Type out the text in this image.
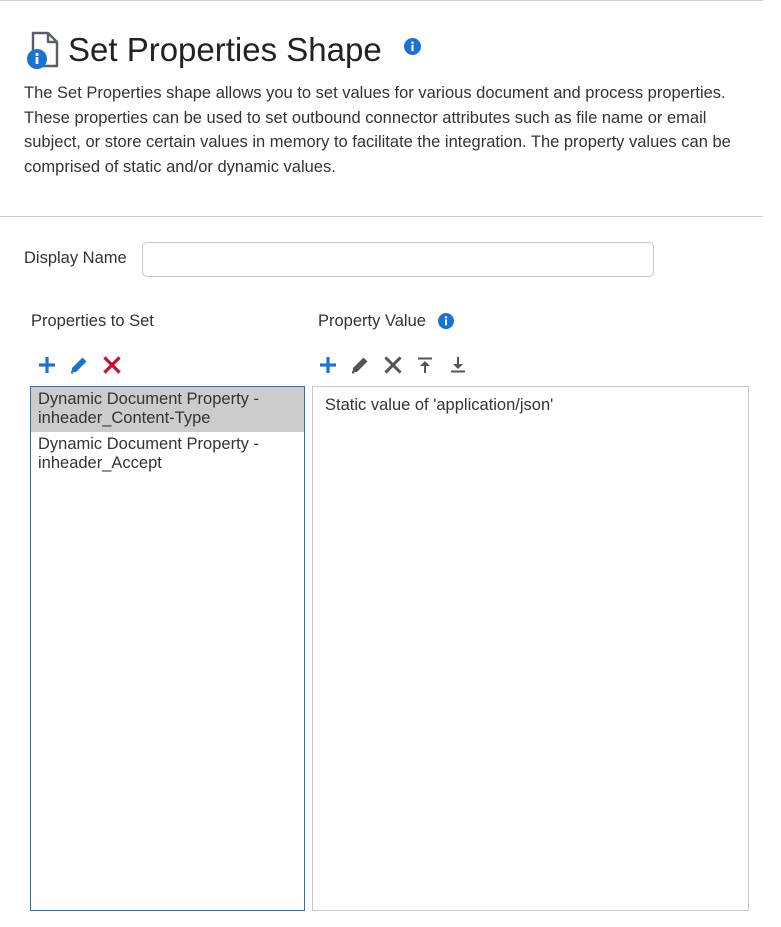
Set Properties Shape
The Set Properties shape allows you to set values for various document and process properties. These properties can be used to set outbound connector attributes such as file name or email subject, or store certain values in memory to facilitate the integration. The property values can be comprised of static and/or dynamic values.
Display Name
Properties to Set	Property Value
Dynamic Document Property -
inheader_Content-Type
Dynamic Document Property -
inheader_Accept
Static value of 'application/json'
